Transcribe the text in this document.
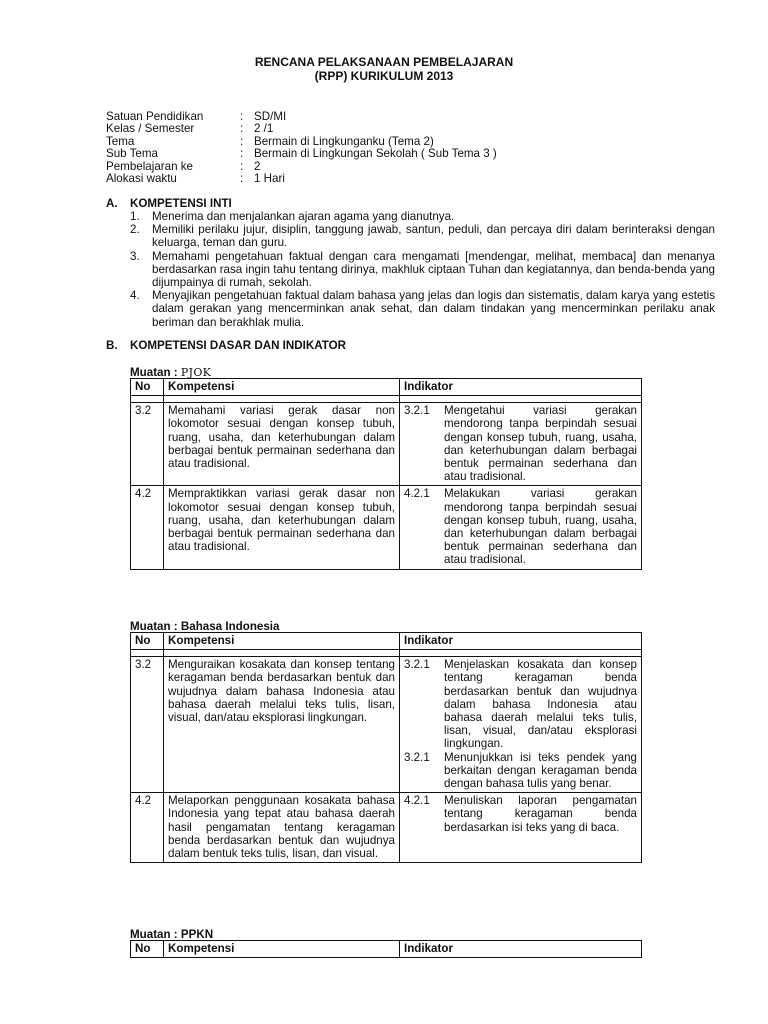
RENCANA PELAKSANAAN PEMBELAJARAN
(RPP) KURIKULUM 2013
Satuan Pendidikan	: SD/MI
Kelas / Semester	: 2 /1
Tema	: Bermain di Lingkunganku (Tema 2)
Sub Tema	: Bermain di Lingkungan Sekolah ( Sub Tema 3 )
Pembelajaran ke	: 2
Alokasi waktu	: 1 Hari
A. KOMPETENSI INTI
1.	Menerima dan menjalankan ajaran agama yang dianutnya.
2.	Memiliki perilaku jujur, disiplin, tanggung jawab, santun, peduli, dan percaya diri dalam berinteraksi dengan keluarga, teman dan guru.
3.	Memahami pengetahuan faktual dengan cara mengamati [mendengar, melihat, membaca] dan menanya berdasarkan rasa ingin tahu tentang dirinya, makhluk ciptaan Tuhan dan kegiatannya, dan benda-benda yang dijumpainya di rumah, sekolah.
4.	Menyajikan pengetahuan faktual dalam bahasa yang jelas dan logis dan sistematis, dalam karya yang estetis dalam gerakan yang mencerminkan anak sehat, dan dalam tindakan yang mencerminkan perilaku anak beriman dan berakhlak mulia.
B. KOMPETENSI DASAR DAN INDIKATOR
Muatan : PJOK
No	Kompetensi	Indikator

3.2	Memahami variasi gerak dasar non lokomotor sesuai dengan konsep tubuh, ruang, usaha, dan keterhubungan dalam berbagai bentuk permainan sederhana dan atau tradisional.	3.2.1 Mengetahui variasi gerakan mendorong tanpa berpindah sesuai dengan konsep tubuh, ruang, usaha, dan keterhubungan dalam berbagai bentuk permainan sederhana dan atau tradisional.

4.2	Mempraktikkan variasi gerak dasar non lokomotor sesuai dengan konsep tubuh, ruang, usaha, dan keterhubungan dalam berbagai bentuk permainan sederhana dan atau tradisional.	4.2.1 Melakukan variasi gerakan mendorong tanpa berpindah sesuai dengan konsep tubuh, ruang, usaha, dan keterhubungan dalam berbagai bentuk permainan sederhana dan atau tradisional.
Muatan : Bahasa Indonesia
No	Kompetensi	Indikator

3.2	Menguraikan kosakata dan konsep tentang keragaman benda berdasarkan bentuk dan wujudnya dalam bahasa Indonesia atau bahasa daerah melalui teks tulis, lisan, visual, dan/atau eksplorasi lingkungan.	3.2.1 Menjelaskan kosakata dan konsep tentang keragaman benda berdasarkan bentuk dan wujudnya dalam bahasa Indonesia atau bahasa daerah melalui teks tulis, lisan, visual, dan/atau eksplorasi lingkungan.
3.2.1 Menunjukkan isi teks pendek yang berkaitan dengan keragaman benda dengan bahasa tulis yang benar.

4.2	Melaporkan penggunaan kosakata bahasa Indonesia yang tepat atau bahasa daerah hasil pengamatan tentang keragaman benda berdasarkan bentuk dan wujudnya dalam bentuk teks tulis, lisan, dan visual.	4.2.1 Menuliskan laporan pengamatan tentang keragaman benda berdasarkan isi teks yang di baca.
Muatan : PPKN
No	Kompetensi	Indikator
